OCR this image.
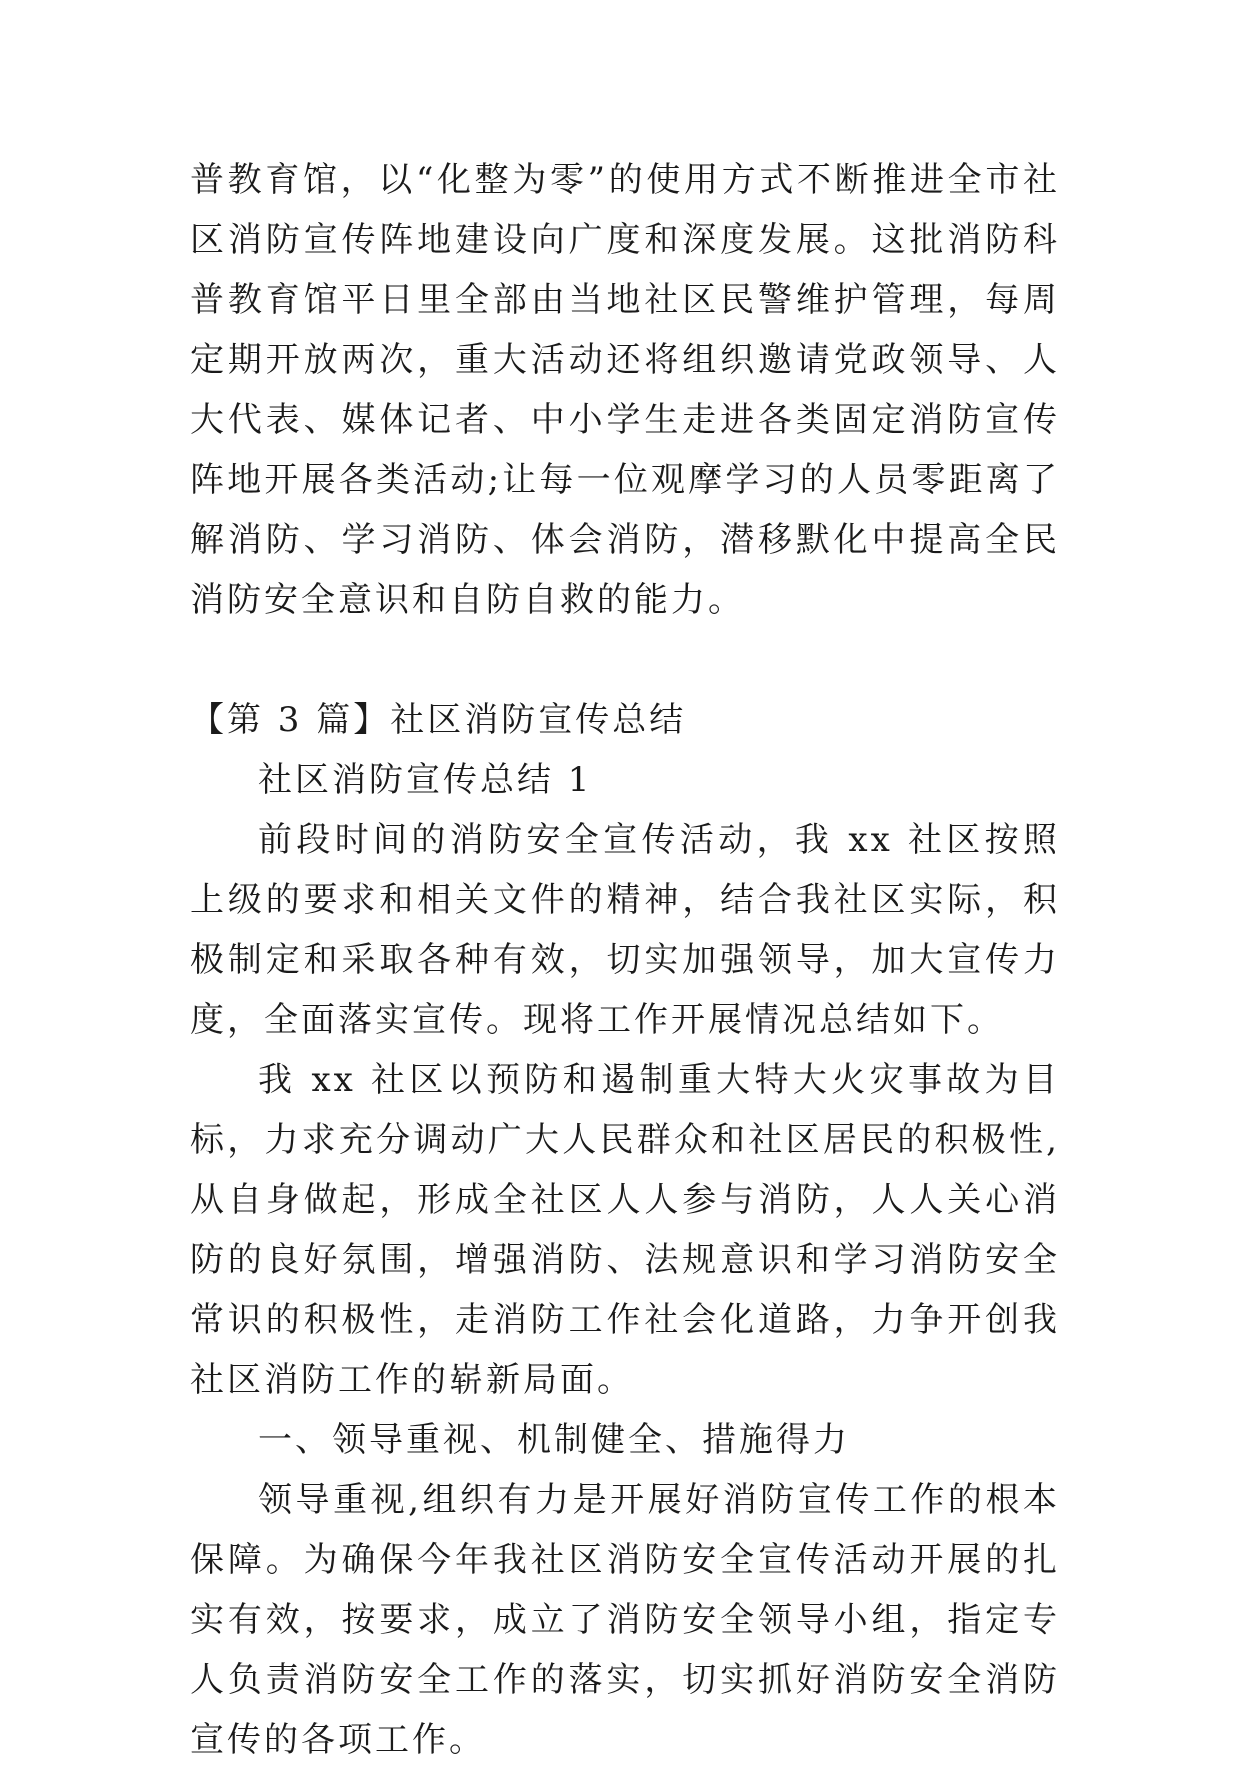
普教育馆，以“化整为零”的使用方式不断推进全市社区消防宣传阵地建设向广度和深度发展。这批消防科普教育馆平日里全部由当地社区民警维护管理，每周定期开放两次，重大活动还将组织邀请党政领导、人大代表、媒体记者、中小学生走进各类固定消防宣传阵地开展各类活动;让每一位观摩学习的人员零距离了解消防、学习消防、体会消防，潜移默化中提高全民消防安全意识和自防自救的能力。

【第 3 篇】社区消防宣传总结

社区消防宣传总结 1

前段时间的消防安全宣传活动，我 xx 社区按照上级的要求和相关文件的精神，结合我社区实际，积极制定和采取各种有效，切实加强领导，加大宣传力度，全面落实宣传。现将工作开展情况总结如下。

我 xx 社区以预防和遏制重大特大火灾事故为目标，力求充分调动广大人民群众和社区居民的积极性,从自身做起，形成全社区人人参与消防，人人关心消防的良好氛围，增强消防、法规意识和学习消防安全常识的积极性，走消防工作社会化道路，力争开创我社区消防工作的崭新局面。

一、领导重视、机制健全、措施得力

领导重视,组织有力是开展好消防宣传工作的根本保障。为确保今年我社区消防安全宣传活动开展的扎实有效，按要求，成立了消防安全领导小组，指定专人负责消防安全工作的落实，切实抓好消防安全消防宣传的各项工作。
